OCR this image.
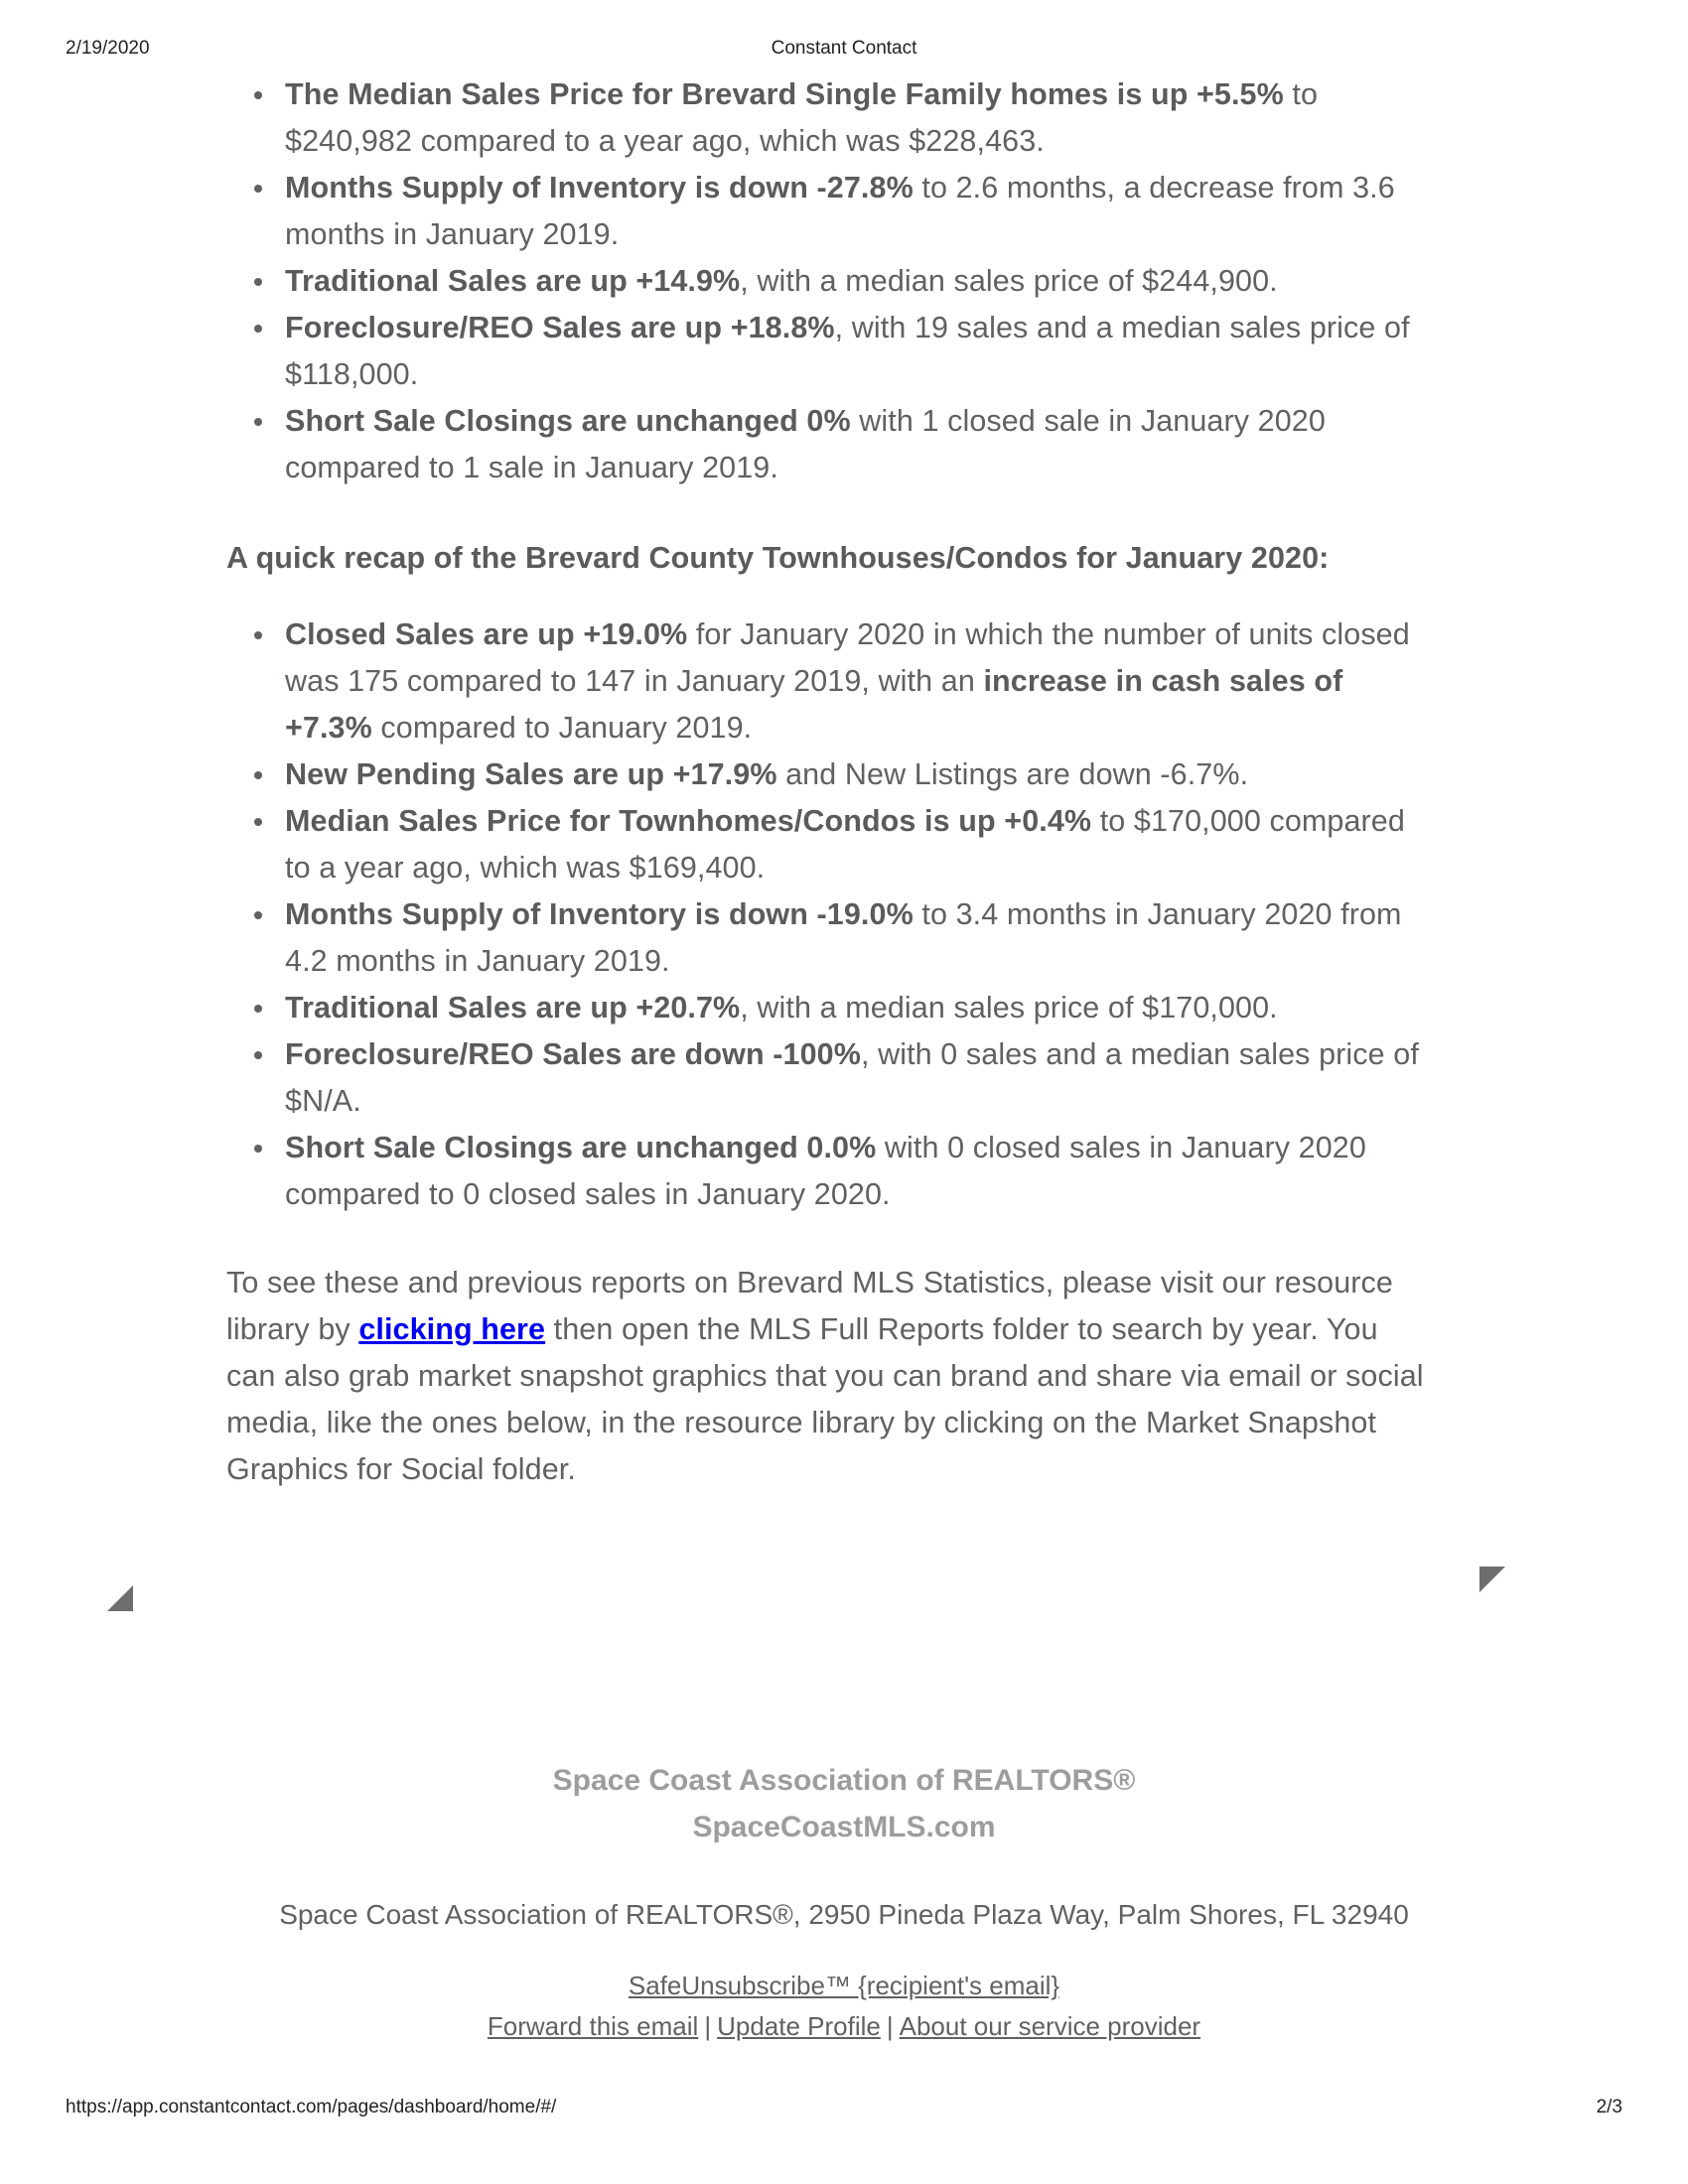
2/19/2020	Constant Contact
The Median Sales Price for Brevard Single Family homes is up +5.5% to $240,982 compared to a year ago, which was $228,463.
Months Supply of Inventory is down -27.8% to 2.6 months, a decrease from 3.6 months in January 2019.
Traditional Sales are up +14.9%, with a median sales price of $244,900.
Foreclosure/REO Sales are up +18.8%, with 19 sales and a median sales price of $118,000.
Short Sale Closings are unchanged 0% with 1 closed sale in January 2020 compared to 1 sale in January 2019.
A quick recap of the Brevard County Townhouses/Condos for January 2020:
Closed Sales are up +19.0% for January 2020 in which the number of units closed was 175 compared to 147 in January 2019, with an increase in cash sales of +7.3% compared to January 2019.
New Pending Sales are up +17.9% and New Listings are down -6.7%.
Median Sales Price for Townhomes/Condos is up +0.4% to $170,000 compared to a year ago, which was $169,400.
Months Supply of Inventory is down -19.0% to 3.4 months in January 2020 from 4.2 months in January 2019.
Traditional Sales are up +20.7%, with a median sales price of $170,000.
Foreclosure/REO Sales are down -100%, with 0 sales and a median sales price of $N/A.
Short Sale Closings are unchanged 0.0% with 0 closed sales in January 2020 compared to 0 closed sales in January 2020.
To see these and previous reports on Brevard MLS Statistics, please visit our resource library by clicking here then open the MLS Full Reports folder to search by year. You can also grab market snapshot graphics that you can brand and share via email or social media, like the ones below, in the resource library by clicking on the Market Snapshot Graphics for Social folder.
Space Coast Association of REALTORS®
SpaceCoastMLS.com
Space Coast Association of REALTORS®, 2950 Pineda Plaza Way, Palm Shores, FL 32940
SafeUnsubscribe™ {recipient's email}
Forward this email | Update Profile | About our service provider
https://app.constantcontact.com/pages/dashboard/home/#/	2/3
